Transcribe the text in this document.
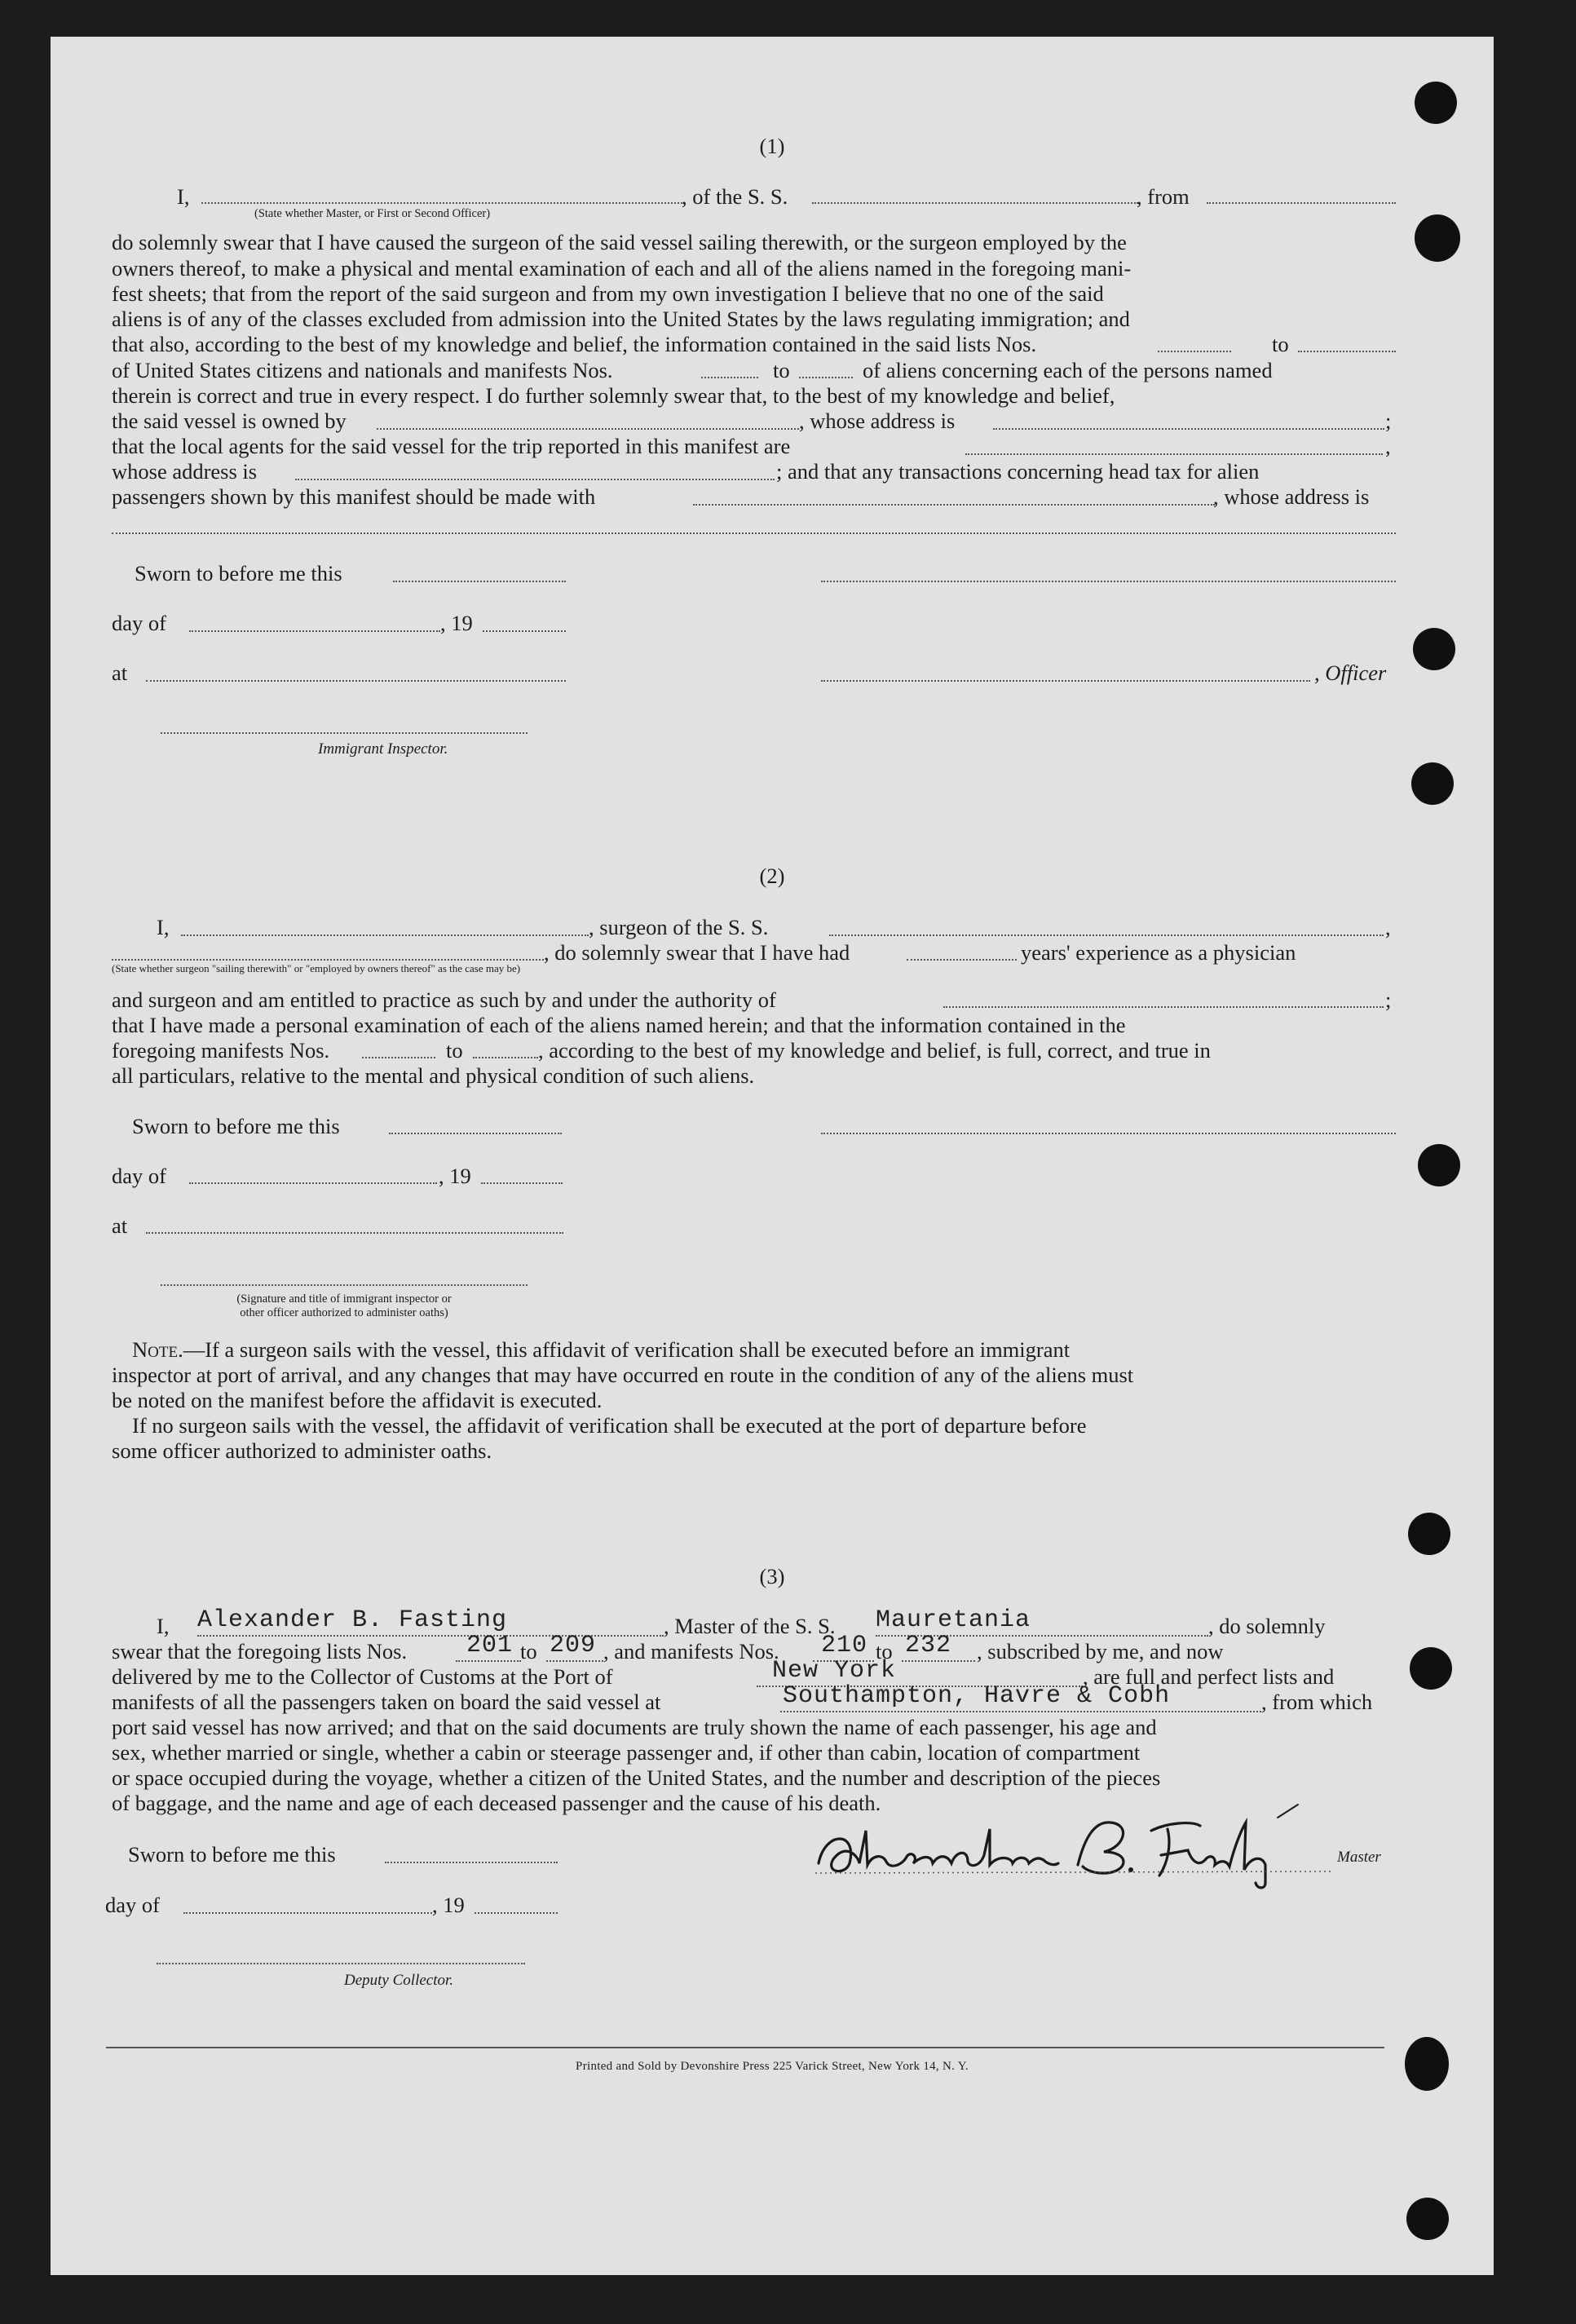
(1)
I,	, of the S. S.	, from
(State whether Master, or First or Second Officer)
do solemnly swear that I have caused the surgeon of the said vessel sailing therewith, or the surgeon employed by the
owners thereof, to make a physical and mental examination of each and all of the aliens named in the foregoing mani-
fest sheets; that from the report of the said surgeon and from my own investigation I believe that no one of the said
aliens is of any of the classes excluded from admission into the United States by the laws regulating immigration; and
that also, according to the best of my knowledge and belief, the information contained in the said lists Nos.	to
of United States citizens and nationals and manifests Nos.	to	of aliens concerning each of the persons named
therein is correct and true in every respect. I do further solemnly swear that, to the best of my knowledge and belief,
the said vessel is owned by	, whose address is	;
that the local agents for the said vessel for the trip reported in this manifest are	,
whose address is	; and that any transactions concerning head tax for alien
passengers shown by this manifest should be made with	, whose address is
Sworn to before me this
day of	, 19
at	, Officer
Immigrant Inspector.
(2)
I,	, surgeon of the S. S.	,
, do solemnly swear that I have had	years' experience as a physician
(State whether surgeon "sailing therewith" or "employed by owners thereof" as the case may be)
and surgeon and am entitled to practice as such by and under the authority of	;
that I have made a personal examination of each of the aliens named herein; and that the information contained in the
foregoing manifests Nos.	to	, according to the best of my knowledge and belief, is full, correct, and true in
all particulars, relative to the mental and physical condition of such aliens.
Sworn to before me this
day of	, 19
at
(Signature and title of immigrant inspector or
other officer authorized to administer oaths)
Note.—If a surgeon sails with the vessel, this affidavit of verification shall be executed before an immigrant
inspector at port of arrival, and any changes that may have occurred en route in the condition of any of the aliens must
be noted on the manifest before the affidavit is executed.
If no surgeon sails with the vessel, the affidavit of verification shall be executed at the port of departure before
some officer authorized to administer oaths.
(3)
I, Alexander B. Fasting	, Master of the S. S. Mauretania	, do solemnly
swear that the foregoing lists Nos. 201 to 209 , and manifests Nos. 210 to 232 , subscribed by me, and now
delivered by me to the Collector of Customs at the Port of	New York	, are full and perfect lists and
manifests of all the passengers taken on board the said vessel at	Southampton, Havre & Cobh	, from which
port said vessel has now arrived; and that on the said documents are truly shown the name of each passenger, his age and
sex, whether married or single, whether a cabin or steerage passenger and, if other than cabin, location of compartment
or space occupied during the voyage, whether a citizen of the United States, and the number and description of the pieces
of baggage, and the name and age of each deceased passenger and the cause of his death.
Sworn to before me this	Master
day of	, 19
Deputy Collector.
Printed and Sold by Devonshire Press 225 Varick Street, New York 14, N. Y.
